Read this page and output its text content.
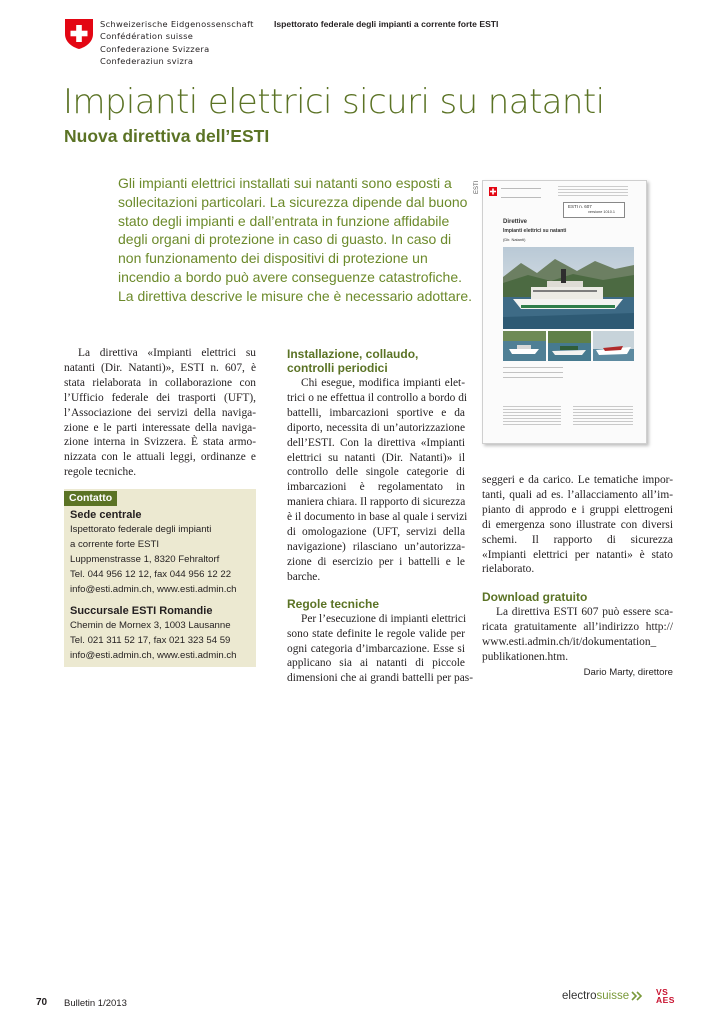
Schweizerische Eidgenossenschaft
Confédération suisse
Confederazione Svizzera
Confederaziun svizra
Ispettorato federale degli impianti a corrente forte ESTI
Impianti elettrici sicuri su natanti
Nuova direttiva dell’ESTI
Gli impianti elettrici installati sui natanti sono esposti a
sollecitazioni particolari. La sicurezza dipende dal buono
stato degli impianti e dall’entrata in funzione affidabile
degli organi di protezione in caso di guasto. In caso di
non funzionamento dei dispositivi di protezione un
incendio a bordo può avere conseguenze catastrofiche.
La direttiva descrive le misure che è necessario adottare.
ESTI
ESTI n. 607
versione 1010.1
Direttive
Impianti elettrici su natanti
(Dir. Natanti)
La direttiva «Impianti elettrici su
natanti (Dir. Natanti)», ESTI n. 607, è
stata rielaborata in collaborazione con
l’Ufficio federale dei trasporti (UFT),
l’Associazione dei servizi della naviga-
zione e le parti interessate della naviga-
zione interna in Svizzera. È stata armo-
nizzata con le attuali leggi, ordinanze e
regole tecniche.
Contatto
Sede centrale
Ispettorato federale degli impianti
a corrente forte ESTI
Luppmenstrasse 1, 8320 Fehraltorf
Tel. 044 956 12 12, fax 044 956 12 22
info@esti.admin.ch, www.esti.admin.ch
Succursale ESTI Romandie
Chemin de Mornex 3, 1003 Lausanne
Tel. 021 311 52 17, fax 021 323 54 59
info@esti.admin.ch, www.esti.admin.ch
Installazione, collaudo,
controlli periodici
Chi esegue, modifica impianti elet-
trici o ne effettua il controllo a bordo di
battelli, imbarcazioni sportive e da
diporto, necessita di un’autorizzazione
dell’ESTI. Con la direttiva «Impianti
elettrici su natanti (Dir. Natanti)» il
controllo delle singole categorie di
imbarcazioni è regolamentato in
maniera chiara. Il rapporto di sicurezza
è il documento in base al quale i servizi
di omologazione (UFT, servizi della
navigazione) rilasciano un’autorizza-
zione di esercizio per i battelli e le
barche.
Regole tecniche
Per l’esecuzione di impianti elettrici
sono state definite le regole valide per
ogni categoria d’imbarcazione. Esse si
applicano sia ai natanti di piccole
dimensioni che ai grandi battelli per pas-
seggeri e da carico. Le tematiche impor-
tanti, quali ad es. l’allacciamento all’im-
pianto di approdo e i gruppi elettrogeni
di emergenza sono illustrate con diversi
schemi. Il rapporto di sicurezza
«Impianti elettrici per natanti» è stato
rielaborato.
Download gratuito
La direttiva ESTI 607 può essere sca-
ricata gratuitamente all’indirizzo http://
www.esti.admin.ch/it/dokumentation_
publikationen.htm.
Dario Marty, direttore
70 Bulletin 1/2013
electrosuisse	VS
AES
